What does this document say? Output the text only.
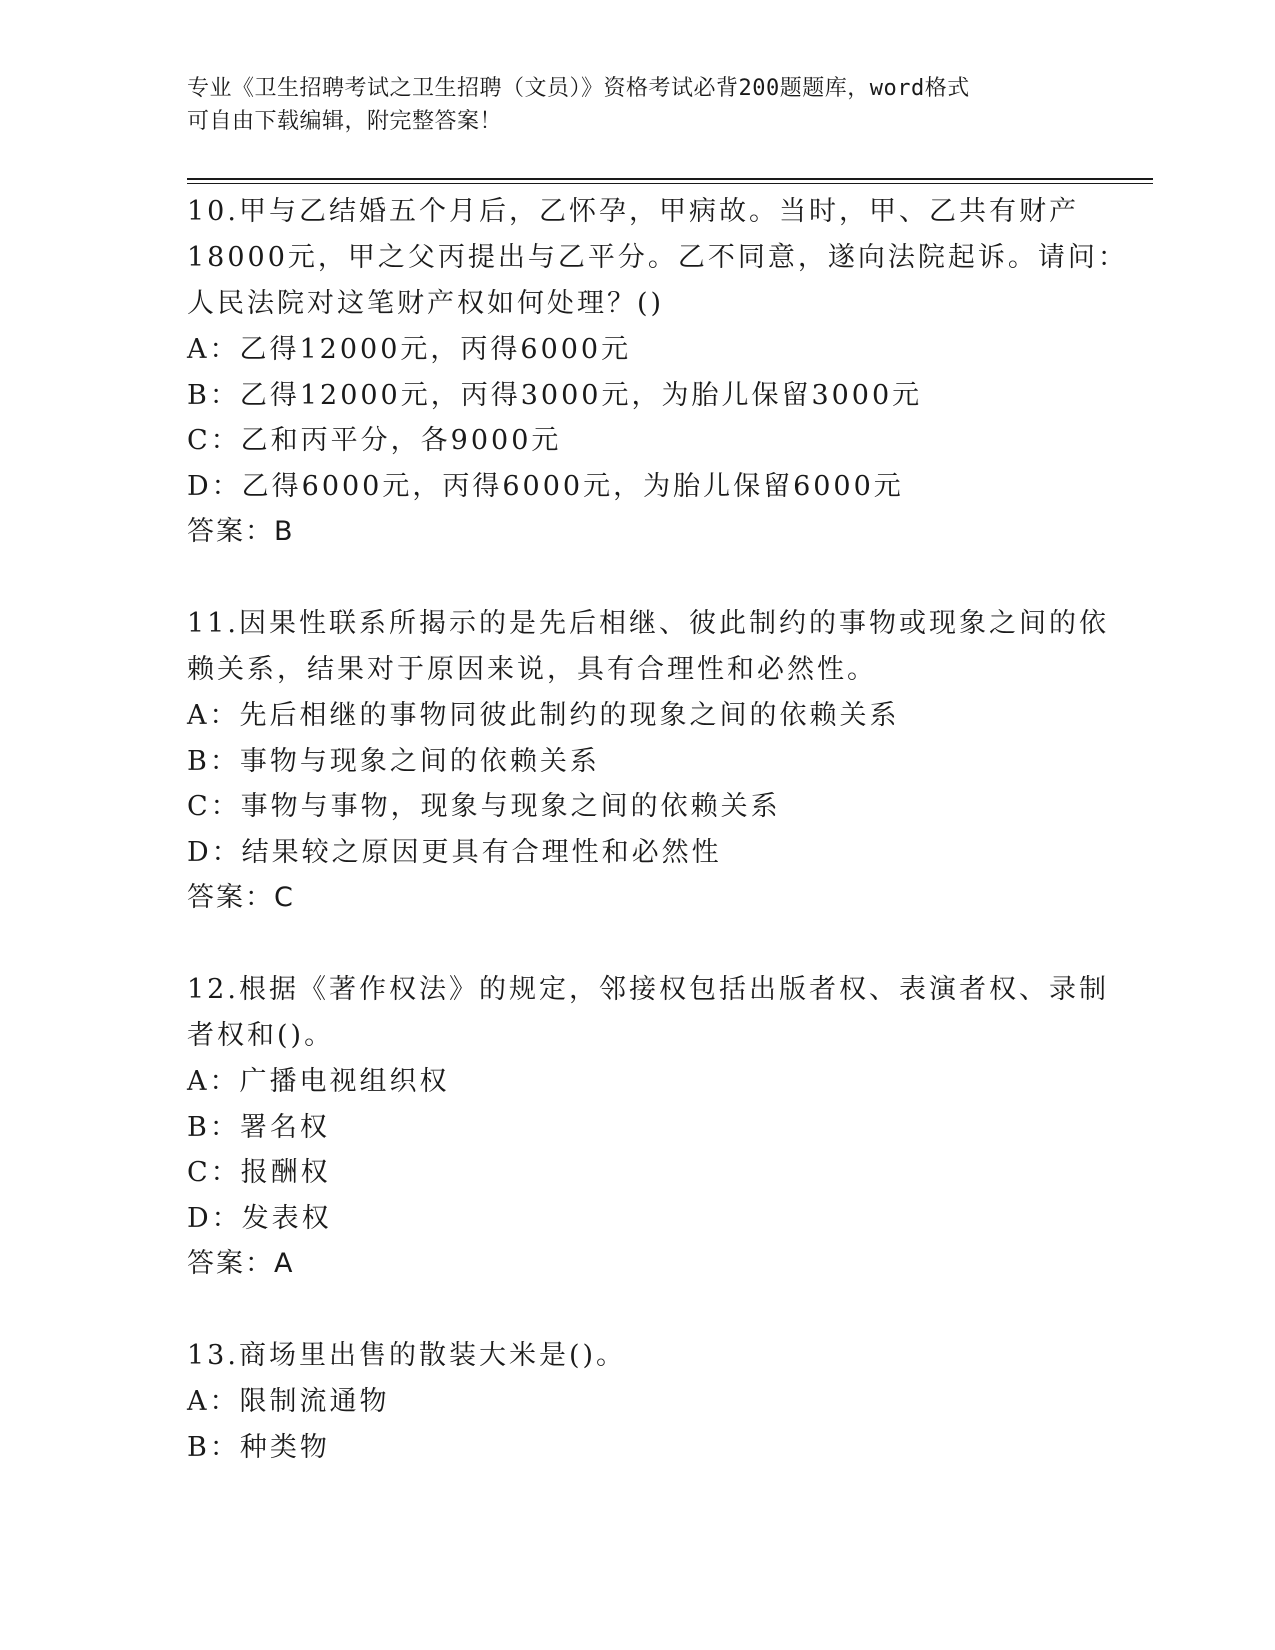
专业《卫生招聘考试之卫生招聘（文员）》资格考试必背200题题库，word格式
可自由下载编辑，附完整答案！
10.甲与乙结婚五个月后，乙怀孕，甲病故。当时，甲、乙共有财产
18000元，甲之父丙提出与乙平分。乙不同意，遂向法院起诉。请问：
人民法院对这笔财产权如何处理？()
A：乙得12000元，丙得6000元
B：乙得12000元，丙得3000元，为胎儿保留3000元
C：乙和丙平分，各9000元
D：乙得6000元，丙得6000元，为胎儿保留6000元
答案：B
11.因果性联系所揭示的是先后相继、彼此制约的事物或现象之间的依
赖关系，结果对于原因来说，具有合理性和必然性。
A：先后相继的事物同彼此制约的现象之间的依赖关系
B：事物与现象之间的依赖关系
C：事物与事物，现象与现象之间的依赖关系
D：结果较之原因更具有合理性和必然性
答案：C
12.根据《著作权法》的规定，邻接权包括出版者权、表演者权、录制
者权和()。
A：广播电视组织权
B：署名权
C：报酬权
D：发表权
答案：A
13.商场里出售的散装大米是()。
A：限制流通物
B：种类物
